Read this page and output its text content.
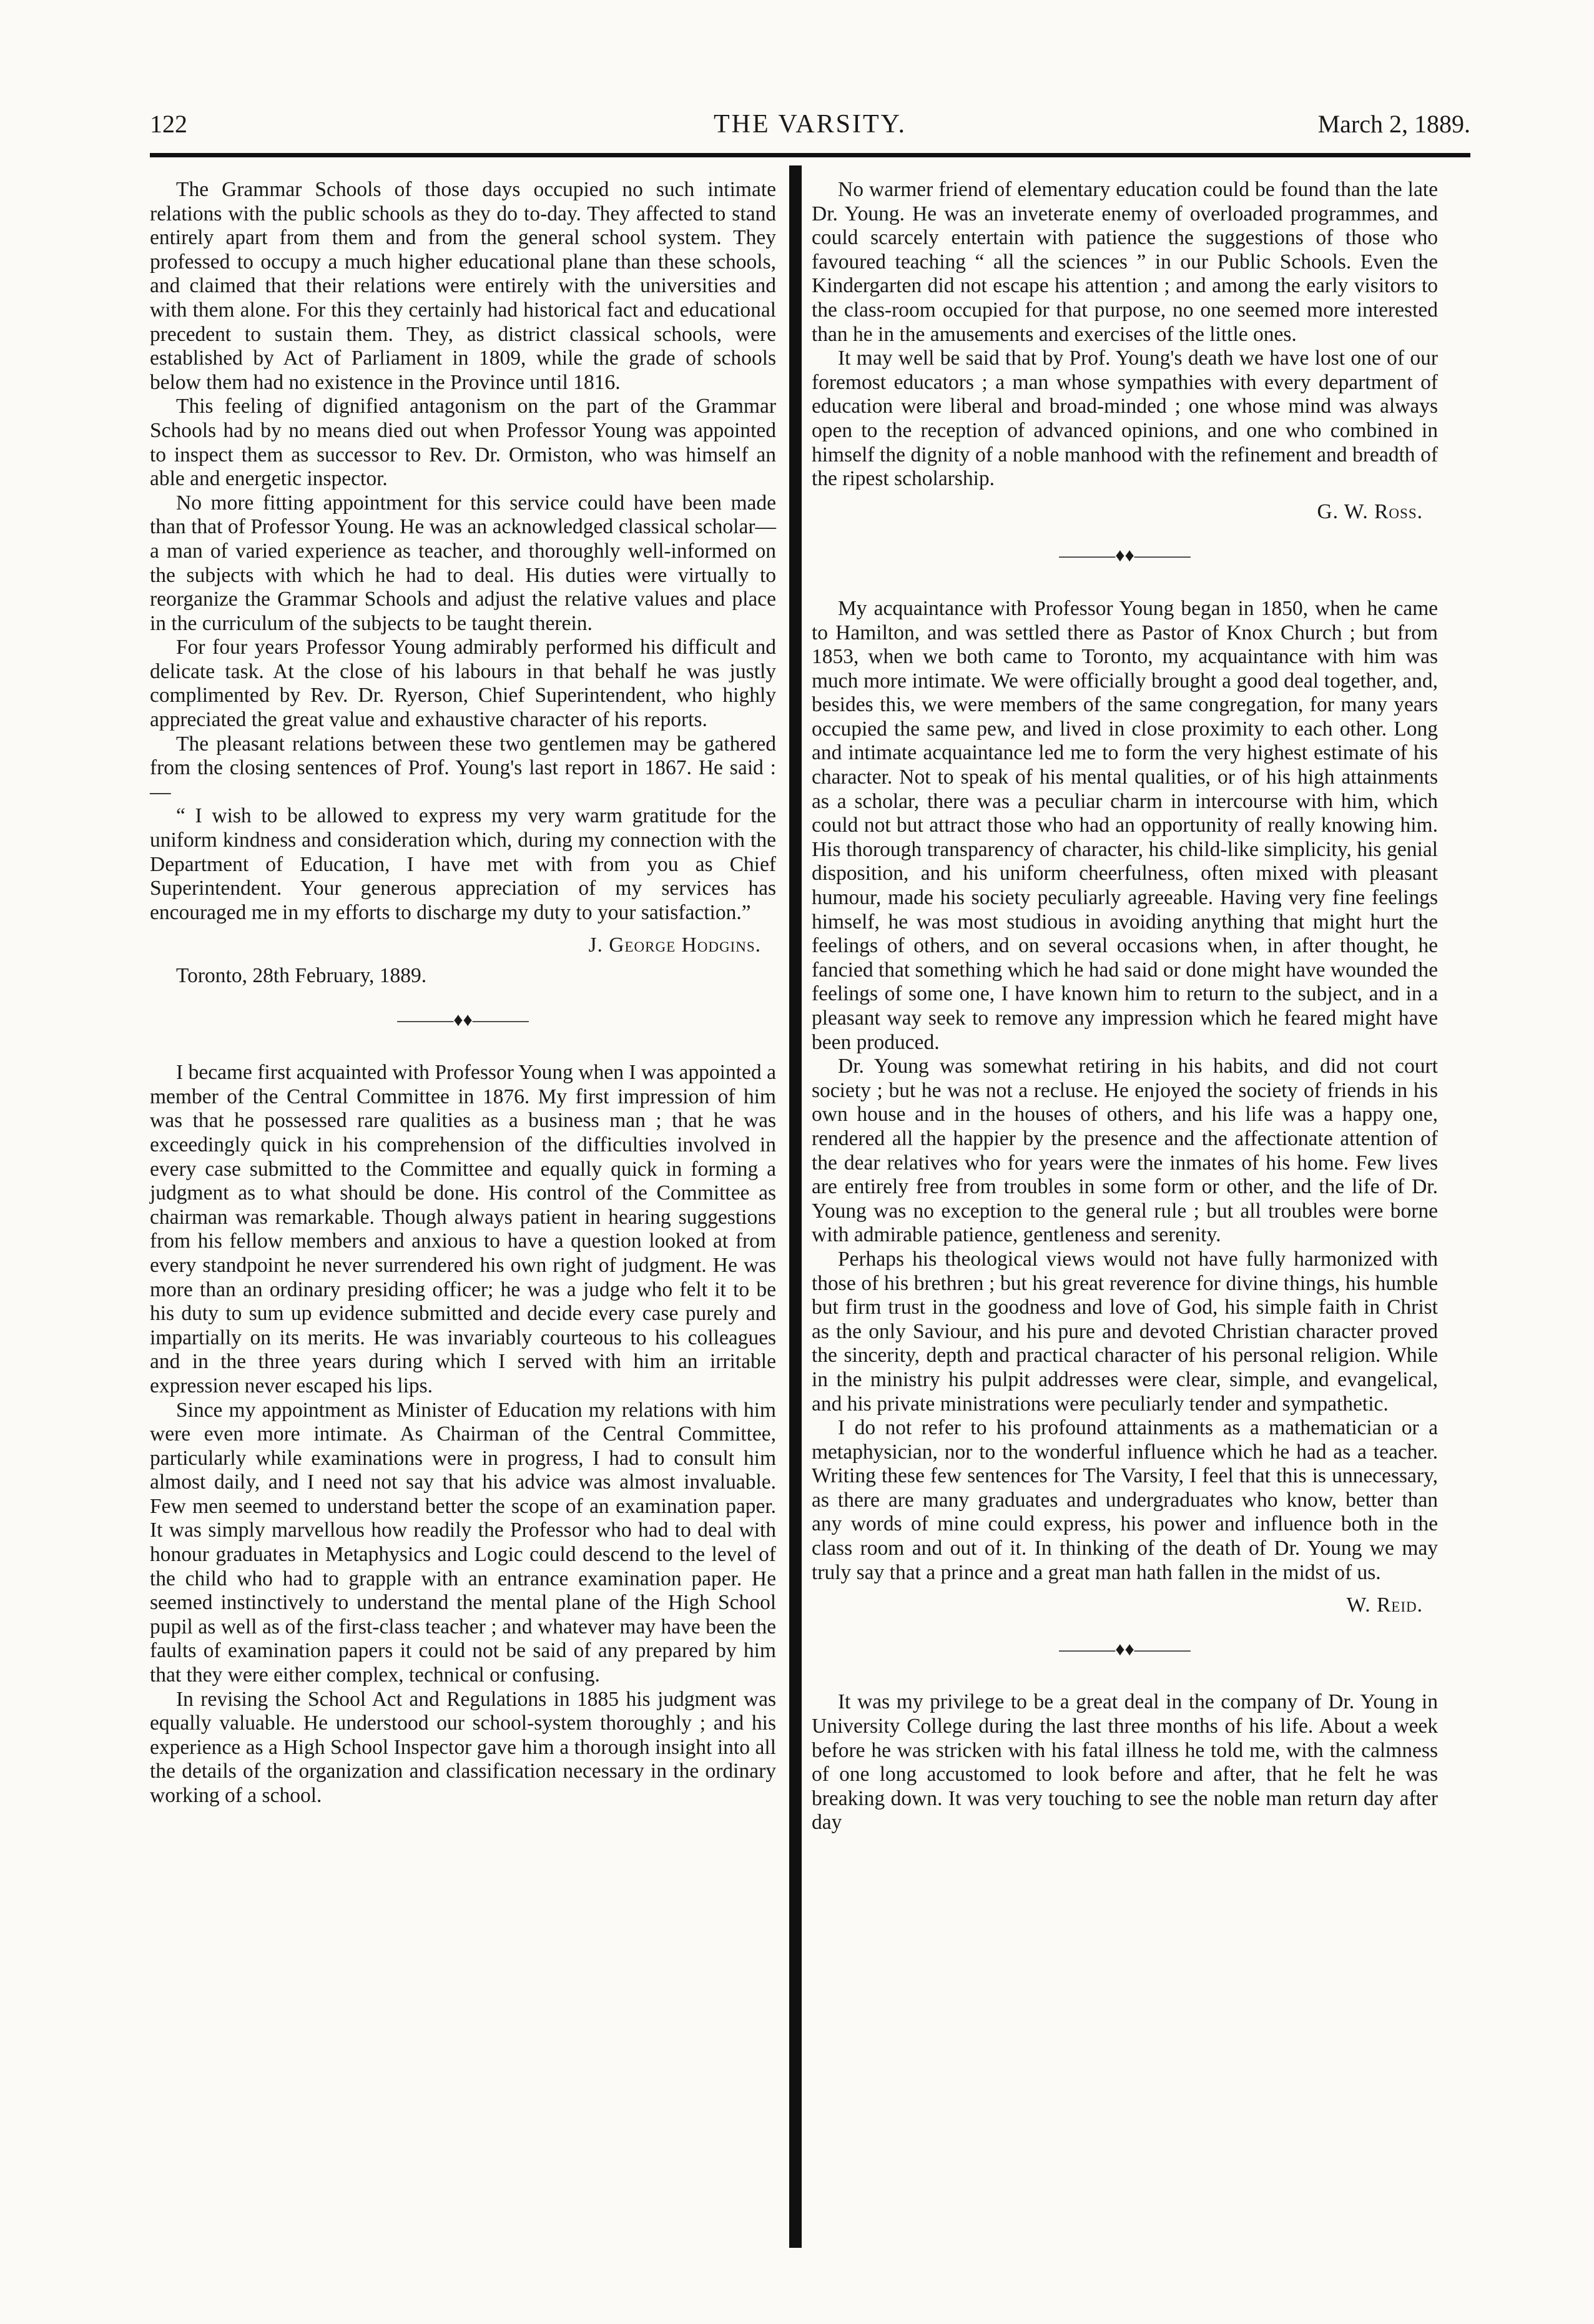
122	THE VARSITY.	March 2, 1889.

The Grammar Schools of those days occupied no such intimate relations with the public schools as they do to-day. They affected to stand entirely apart from them and from the general school system. They professed to occupy a much higher educational plane than these schools, and claimed that their relations were entirely with the universities and with them alone. For this they certainly had historical fact and educational precedent to sustain them. They, as district classical schools, were established by Act of Parliament in 1809, while the grade of schools below them had no existence in the Province until 1816.

This feeling of dignified antagonism on the part of the Grammar Schools had by no means died out when Professor Young was appointed to inspect them as successor to Rev. Dr. Ormiston, who was himself an able and energetic inspector.

No more fitting appointment for this service could have been made than that of Professor Young. He was an acknowledged classical scholar—a man of varied experience as teacher, and thoroughly well-informed on the subjects with which he had to deal. His duties were virtually to reorganize the Grammar Schools and adjust the relative values and place in the curriculum of the subjects to be taught therein.

For four years Professor Young admirably performed his difficult and delicate task. At the close of his labours in that behalf he was justly complimented by Rev. Dr. Ryerson, Chief Superintendent, who highly appreciated the great value and exhaustive character of his reports.

The pleasant relations between these two gentlemen may be gathered from the closing sentences of Prof. Young's last report in 1867. He said : —

“ I wish to be allowed to express my very warm gratitude for the uniform kindness and consideration which, during my connection with the Department of Education, I have met with from you as Chief Superintendent. Your generous appreciation of my services has encouraged me in my efforts to discharge my duty to your satisfaction.”

J. George Hodgins.

Toronto, 28th February, 1889.

———♦♦———

I became first acquainted with Professor Young when I was appointed a member of the Central Committee in 1876. My first impression of him was that he possessed rare qualities as a business man ; that he was exceedingly quick in his comprehension of the difficulties involved in every case submitted to the Committee and equally quick in forming a judgment as to what should be done. His control of the Committee as chairman was remarkable. Though always patient in hearing suggestions from his fellow members and anxious to have a question looked at from every standpoint he never surrendered his own right of judgment. He was more than an ordinary presiding officer; he was a judge who felt it to be his duty to sum up evidence submitted and decide every case purely and impartially on its merits. He was invariably courteous to his colleagues and in the three years during which I served with him an irritable expression never escaped his lips.

Since my appointment as Minister of Education my relations with him were even more intimate. As Chairman of the Central Committee, particularly while examinations were in progress, I had to consult him almost daily, and I need not say that his advice was almost invaluable. Few men seemed to understand better the scope of an examination paper. It was simply marvellous how readily the Professor who had to deal with honour graduates in Metaphysics and Logic could descend to the level of the child who had to grapple with an entrance examination paper. He seemed instinctively to understand the mental plane of the High School pupil as well as of the first-class teacher ; and whatever may have been the faults of examination papers it could not be said of any prepared by him that they were either complex, technical or confusing.

In revising the School Act and Regulations in 1885 his judgment was equally valuable. He understood our school-system thoroughly ; and his experience as a High School Inspector gave him a thorough insight into all the details of the organization and classification necessary in the ordinary working of a school.

No warmer friend of elementary education could be found than the late Dr. Young. He was an inveterate enemy of overloaded programmes, and could scarcely entertain with patience the suggestions of those who favoured teaching “ all the sciences ” in our Public Schools. Even the Kindergarten did not escape his attention ; and among the early visitors to the class-room occupied for that purpose, no one seemed more interested than he in the amusements and exercises of the little ones.

It may well be said that by Prof. Young's death we have lost one of our foremost educators ; a man whose sympathies with every department of education were liberal and broad-minded ; one whose mind was always open to the reception of advanced opinions, and one who combined in himself the dignity of a noble manhood with the refinement and breadth of the ripest scholarship.

G. W. Ross.
———♦♦———

My acquaintance with Professor Young began in 1850, when he came to Hamilton, and was settled there as Pastor of Knox Church ; but from 1853, when we both came to Toronto, my acquaintance with him was much more intimate. We were officially brought a good deal together, and, besides this, we were members of the same congregation, for many years occupied the same pew, and lived in close proximity to each other. Long and intimate acquaintance led me to form the very highest estimate of his character. Not to speak of his mental qualities, or of his high attainments as a scholar, there was a peculiar charm in intercourse with him, which could not but attract those who had an opportunity of really knowing him. His thorough transparency of character, his child-like simplicity, his genial disposition, and his uniform cheerfulness, often mixed with pleasant humour, made his society peculiarly agreeable. Having very fine feelings himself, he was most studious in avoiding anything that might hurt the feelings of others, and on several occasions when, in after thought, he fancied that something which he had said or done might have wounded the feelings of some one, I have known him to return to the subject, and in a pleasant way seek to remove any impression which he feared might have been produced.

Dr. Young was somewhat retiring in his habits, and did not court society ; but he was not a recluse. He enjoyed the society of friends in his own house and in the houses of others, and his life was a happy one, rendered all the happier by the presence and the affectionate attention of the dear relatives who for years were the inmates of his home. Few lives are entirely free from troubles in some form or other, and the life of Dr. Young was no exception to the general rule ; but all troubles were borne with admirable patience, gentleness and serenity.

Perhaps his theological views would not have fully harmonized with those of his brethren ; but his great reverence for divine things, his humble but firm trust in the goodness and love of God, his simple faith in Christ as the only Saviour, and his pure and devoted Christian character proved the sincerity, depth and practical character of his personal religion. While in the ministry his pulpit addresses were clear, simple, and evangelical, and his private ministrations were peculiarly tender and sympathetic.

I do not refer to his profound attainments as a mathematician or a metaphysician, nor to the wonderful influence which he had as a teacher. Writing these few sentences for The Varsity, I feel that this is unnecessary, as there are many graduates and undergraduates who know, better than any words of mine could express, his power and influence both in the class room and out of it. In thinking of the death of Dr. Young we may truly say that a prince and a great man hath fallen in the midst of us.

W. Reid.
———♦♦———

It was my privilege to be a great deal in the company of Dr. Young in University College during the last three months of his life. About a week before he was stricken with his fatal illness he told me, with the calmness of one long accustomed to look before and after, that he felt he was breaking down. It was very touching to see the noble man return day after day
